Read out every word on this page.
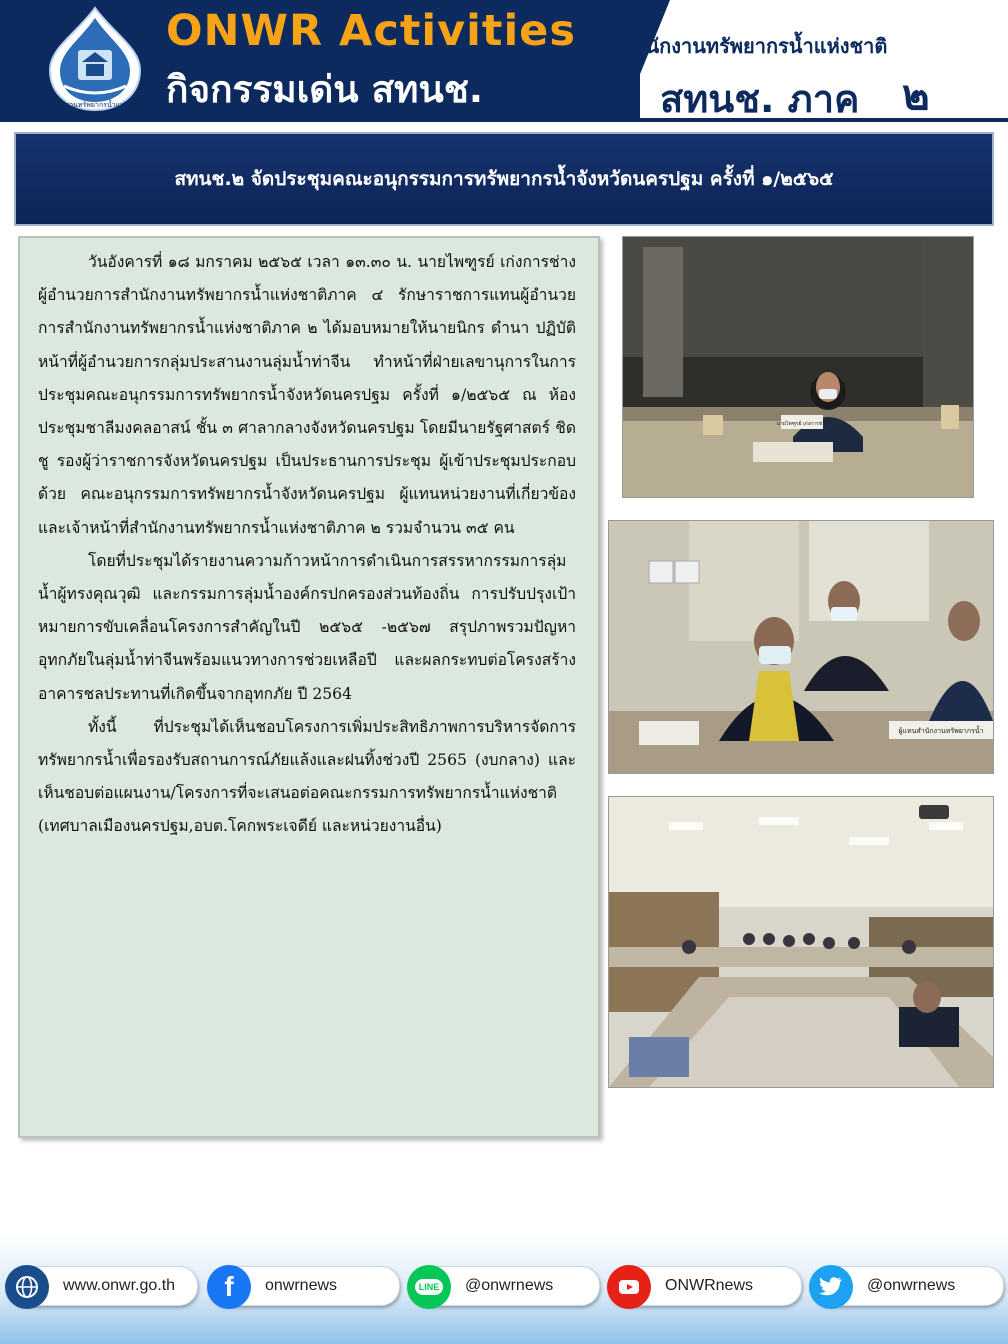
สำนักงานทรัพยากรน้ำแห่งชาติ
ONWR Activities
กิจกรรมเด่น สทนช.
สำนักงานทรัพยากรน้ำแห่งชาติ
สทนช. ภาค ๒
สทนช.๒ จัดประชุมคณะอนุกรรมการทรัพยากรน้ำจังหวัดนครปฐม ครั้งที่ ๑/๒๕๖๕

วันอังคารที่ ๑๘ มกราคม ๒๕๖๕ เวลา ๑๓.๓๐ น. นายไพฑูรย์ เก่งการช่าง ผู้อำนวยการสำนักงานทรัพยากรน้ำแห่งชาติภาค ๔ รักษาราชการแทนผู้อำนวยการสำนักงานทรัพยากรน้ำแห่งชาติภาค ๒ ได้มอบหมายให้นายนิกร ดำนา ปฏิบัติหน้าที่ผู้อำนวยการกลุ่มประสานงานลุ่มน้ำท่าจีน ทำหน้าที่ฝ่ายเลขานุการในการประชุมคณะอนุกรรมการทรัพยากรน้ำจังหวัดนครปฐม ครั้งที่ ๑/๒๕๖๕ ณ ห้องประชุมชาลีมงคลอาสน์ ชั้น ๓ ศาลากลางจังหวัดนครปฐม โดยมีนายรัฐศาสตร์ ชิดชู รองผู้ว่าราชการจังหวัดนครปฐม เป็นประธานการประชุม ผู้เข้าประชุมประกอบด้วย คณะอนุกรรมการทรัพยากรน้ำจังหวัดนครปฐม ผู้แทนหน่วยงานที่เกี่ยวข้อง และเจ้าหน้าที่สำนักงานทรัพยากรน้ำแห่งชาติภาค ๒ รวมจำนวน ๓๕ คน

โดยที่ประชุมได้รายงานความก้าวหน้าการดำเนินการสรรหากรรมการลุ่มน้ำผู้ทรงคุณวุฒิ และกรรมการลุ่มน้ำองค์กรปกครองส่วนท้องถิ่น การปรับปรุงเป้าหมายการขับเคลื่อนโครงการสำคัญในปี ๒๕๖๕ -๒๕๖๗ สรุปภาพรวมปัญหาอุทกภัยในลุ่มน้ำท่าจีนพร้อมแนวทางการช่วยเหลือปี และผลกระทบต่อโครงสร้างอาคารชลประทานที่เกิดขึ้นจากอุทกภัย ปี 2564

ทั้งนี้ ที่ประชุมได้เห็นชอบโครงการเพิ่มประสิทธิภาพการบริหารจัดการทรัพยากรน้ำเพื่อรองรับสถานการณ์ภัยแล้งและฝนทิ้งช่วงปี 2565 (งบกลาง) และเห็นชอบต่อแผนงาน/โครงการที่จะเสนอต่อคณะกรรมการทรัพยากรน้ำแห่งชาติ (เทศบาลเมืองนครปฐม,อบต.โคกพระเจดีย์ และหน่วยงานอื่น)

นายไพฑูรย์ เก่งการช่าง
ผู้แทนสำนักงานทรัพยากรน้ำ
www.onwr.go.th	f	onwrnews	LINE @onwrnews	ONWRnews	@onwrnews
